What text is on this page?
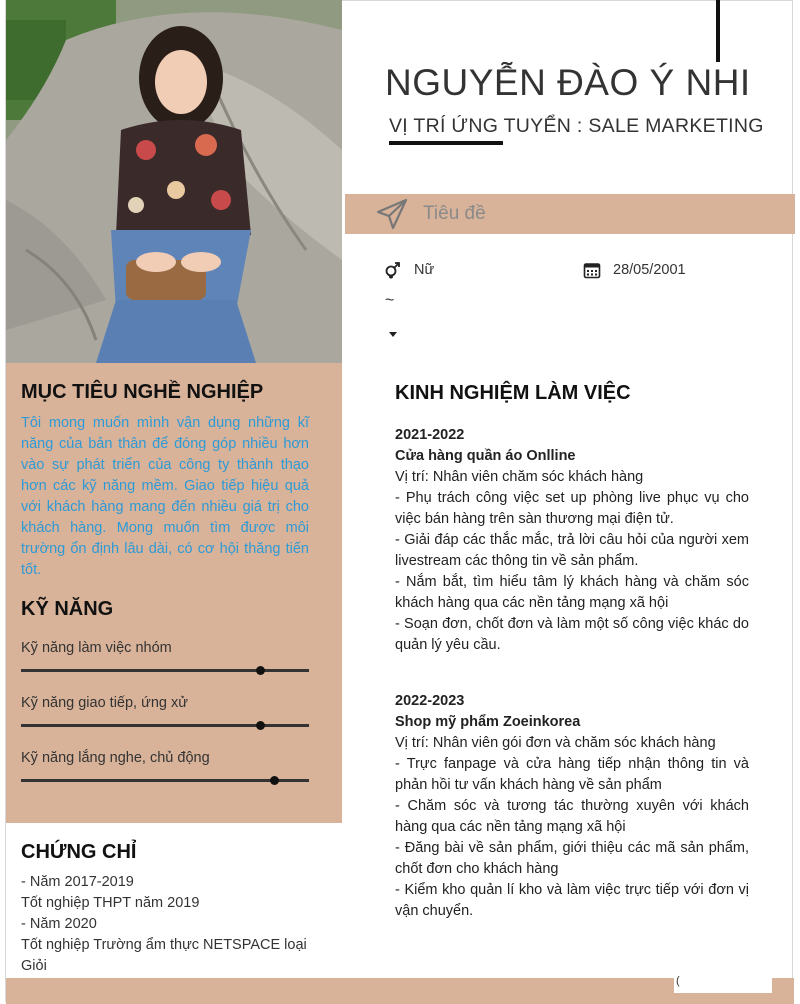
MỤC TIÊU NGHỀ NGHIỆP
Tôi mong muốn mình vận dụng những kĩ năng của bản thân để đóng góp nhiều hơn vào sự phát triển của công ty thành thạo hơn các kỹ năng mềm. Giao tiếp hiệu quả với khách hàng mang đến nhiều giá trị cho khách hàng. Mong muốn tìm được môi trường ổn định lâu dài, có cơ hội thăng tiến tốt.
KỸ NĂNG
Kỹ năng làm việc nhóm
Kỹ năng giao tiếp, ứng xử
Kỹ năng lắng nghe, chủ động
CHỨNG CHỈ
- Năm 2017-2019
Tốt nghiệp THPT năm 2019
- Năm 2020
Tốt nghiệp Trường ẩm thực NETSPACE loại Giỏi
NGUYỄN ĐÀO Ý NHI
VỊ TRÍ ỨNG TUYỂN : SALE MARKETING
Tiêu đề
Nữ	28/05/2001
~
KINH NGHIỆM LÀM VIỆC
2021-2022
Cửa hàng quần áo Onlline
Vị trí: Nhân viên chăm sóc khách hàng
- Phụ trách công việc set up phòng live phục vụ cho việc bán hàng trên sàn thương mại điện tử.
- Giải đáp các thắc mắc, trả lời câu hỏi của người xem livestream các thông tin về sản phẩm.
- Nắm bắt, tìm hiểu tâm lý khách hàng và chăm sóc khách hàng qua các nền tảng mạng xã hội
- Soạn đơn, chốt đơn và làm một số công việc khác do quản lý yêu cầu.
2022-2023
Shop mỹ phẩm Zoeinkorea
Vị trí: Nhân viên gói đơn và chăm sóc khách hàng
- Trực fanpage và cửa hàng tiếp nhận thông tin và phản hồi tư vấn khách hàng về sản phẩm
- Chăm sóc và tương tác thường xuyên với khách hàng qua các nền tảng mạng xã hội
- Đăng bài về sản phẩm, giới thiệu các mã sản phẩm, chốt đơn cho khách hàng
- Kiểm kho quản lí kho và làm việc trực tiếp với đơn vị vận chuyển.
(
